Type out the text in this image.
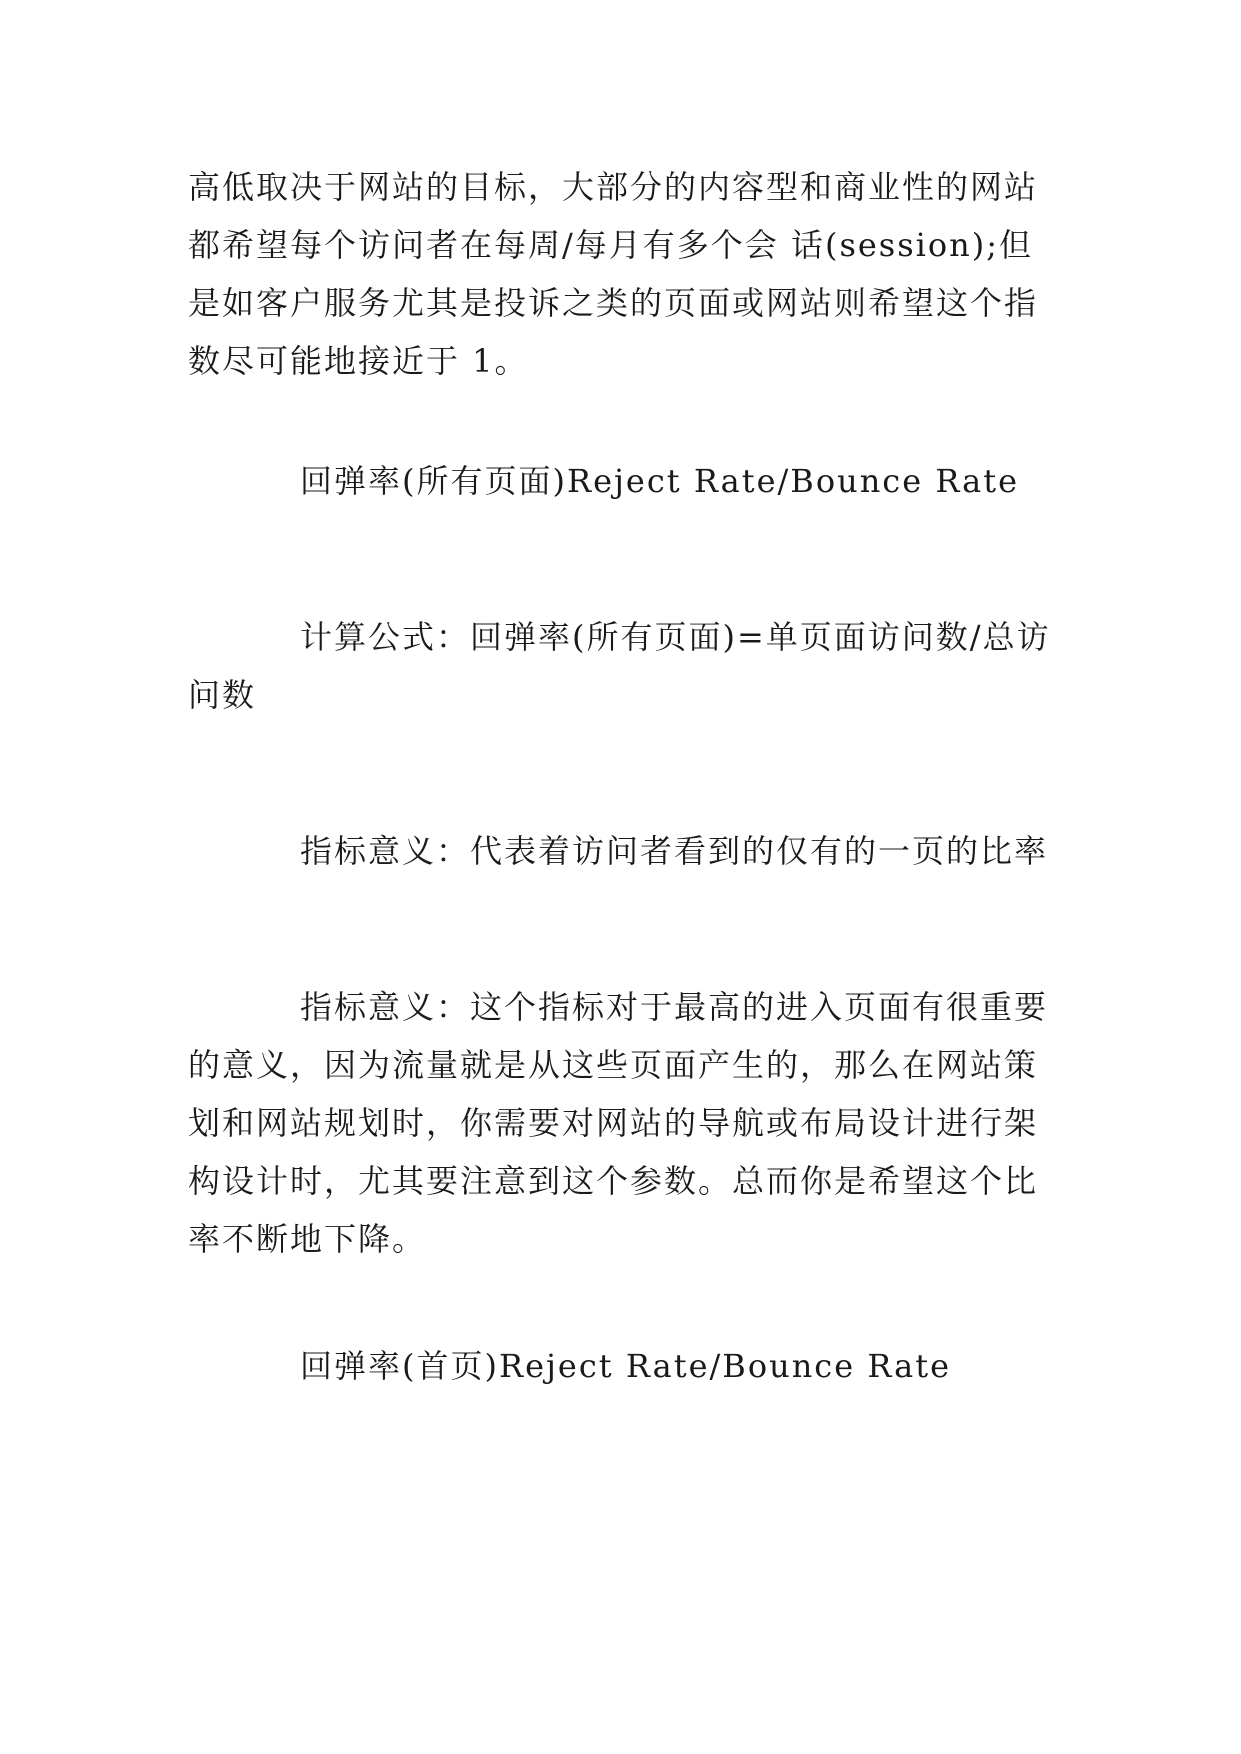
高低取决于网站的目标，大部分的内容型和商业性的网站都希望每个访问者在每周/每月有多个会 话(session);但是如客户服务尤其是投诉之类的页面或网站则希望这个指数尽可能地接近于 1。

回弹率(所有页面)Reject Rate/Bounce Rate

计算公式：回弹率(所有页面)=单页面访问数/总访问数

指标意义：代表着访问者看到的仅有的一页的比率

指标意义：这个指标对于最高的进入页面有很重要的意义，因为流量就是从这些页面产生的，那么在网站策划和网站规划时，你需要对网站的导航或布局设计进行架构设计时，尤其要注意到这个参数。总而你是希望这个比率不断地下降。

回弹率(首页)Reject Rate/Bounce Rate
